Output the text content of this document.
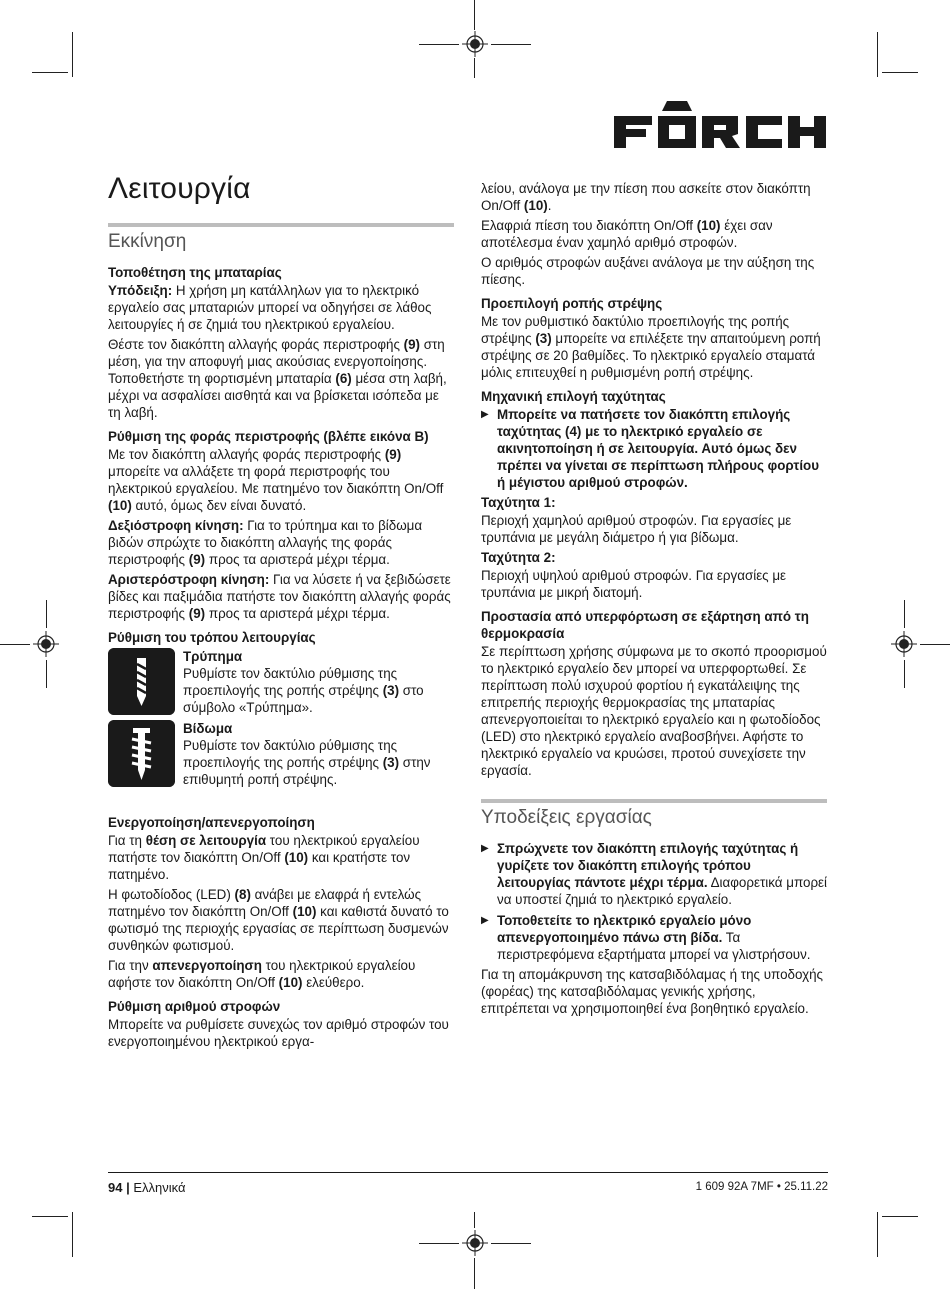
Λειτουργία
Εκκίνηση
Τοποθέτηση της μπαταρίας

Υπόδειξη: Η χρήση μη κατάλληλων για το ηλεκτρικό εργαλείο σας μπαταριών μπορεί να οδηγήσει σε λάθος λειτουργίες ή σε ζημιά του ηλεκτρικού εργαλείου.

Θέστε τον διακόπτη αλλαγής φοράς περιστροφής (9) στη μέση, για την αποφυγή μιας ακούσιας ενεργοποίησης. Τοποθετήστε τη φορτισμένη μπαταρία (6) μέσα στη λαβή, μέχρι να ασφαλίσει αισθητά και να βρίσκεται ισόπεδα με τη λαβή.

Ρύθμιση της φοράς περιστροφής (βλέπε εικόνα B)

Με τον διακόπτη αλλαγής φοράς περιστροφής (9) μπορείτε να αλλάξετε τη φορά περιστροφής του ηλεκτρικού εργαλείου. Με πατημένο τον διακόπτη On/Off (10) αυτό, όμως δεν είναι δυνατό.

Δεξιόστροφη κίνηση: Για το τρύπημα και το βίδωμα βιδών σπρώχτε το διακόπτη αλλαγής της φοράς περιστροφής (9) προς τα αριστερά μέχρι τέρμα.

Αριστερόστροφη κίνηση: Για να λύσετε ή να ξεβιδώσετε βίδες και παξιμάδια πατήστε τον διακόπτη αλλαγής φοράς περιστροφής (9) προς τα αριστερά μέχρι τέρμα.

Ρύθμιση του τρόπου λειτουργίας
Τρύπημα
Ρυθμίστε τον δακτύλιο ρύθμισης της προεπιλογής της ροπής στρέψης (3) στο σύμβολο «Τρύπημα».
Βίδωμα
Ρυθμίστε τον δακτύλιο ρύθμισης της προεπιλογής της ροπής στρέψης (3) στην επιθυμητή ροπή στρέψης.
Ενεργοποίηση/απενεργοποίηση

Για τη θέση σε λειτουργία του ηλεκτρικού εργαλείου πατήστε τον διακόπτη On/Off (10) και κρατήστε τον πατημένο.

Η φωτοδίοδος (LED) (8) ανάβει με ελαφρά ή εντελώς πατημένο τον διακόπτη On/Off (10) και καθιστά δυνατό το φωτισμό της περιοχής εργασίας σε περίπτωση δυσμενών συνθηκών φωτισμού.

Για την απενεργοποίηση του ηλεκτρικού εργαλείου αφήστε τον διακόπτη On/Off (10) ελεύθερο.

Ρύθμιση αριθμού στροφών

Μπορείτε να ρυθμίσετε συνεχώς τον αριθμό στροφών του ενεργοποιημένου ηλεκτρικού εργα-

λείου, ανάλογα με την πίεση που ασκείτε στον διακόπτη On/Off (10).

Ελαφριά πίεση του διακόπτη On/Off (10) έχει σαν αποτέλεσμα έναν χαμηλό αριθμό στροφών.

Ο αριθμός στροφών αυξάνει ανάλογα με την αύξηση της πίεσης.

Προεπιλογή ροπής στρέψης

Με τον ρυθμιστικό δακτύλιο προεπιλογής της ροπής στρέψης (3) μπορείτε να επιλέξετε την απαιτούμενη ροπή στρέψης σε 20 βαθμίδες. Το ηλεκτρικό εργαλείο σταματά μόλις επιτευχθεί η ρυθμισμένη ροπή στρέψης.

Μηχανική επιλογή ταχύτητας
▶ Μπορείτε να πατήσετε τον διακόπτη επιλογής ταχύτητας (4) με το ηλεκτρικό εργαλείο σε ακινητοποίηση ή σε λειτουργία. Αυτό όμως δεν πρέπει να γίνεται σε περίπτωση πλήρους φορτίου ή μέγιστου αριθμού στροφών.
Ταχύτητα 1:

Περιοχή χαμηλού αριθμού στροφών. Για εργασίες με τρυπάνια με μεγάλη διάμετρο ή για βίδωμα.

Ταχύτητα 2:

Περιοχή υψηλού αριθμού στροφών. Για εργασίες με τρυπάνια με μικρή διατομή.

Προστασία από υπερφόρτωση σε εξάρτηση από τη θερμοκρασία

Σε περίπτωση χρήσης σύμφωνα με το σκοπό προορισμού το ηλεκτρικό εργαλείο δεν μπορεί να υπερφορτωθεί. Σε περίπτωση πολύ ισχυρού φορτίου ή εγκατάλειψης της επιτρεπής περιοχής θερμοκρασίας της μπαταρίας απενεργοποιείται το ηλεκτρικό εργαλείο και η φωτοδίοδος (LED) στο ηλεκτρικό εργαλείο αναβοσβήνει. Αφήστε το ηλεκτρικό εργαλείο να κρυώσει, προτού συνεχίσετε την εργασία.

Υποδείξεις εργασίας
▶ Σπρώχνετε τον διακόπτη επιλογής ταχύτητας ή γυρίζετε τον διακόπτη επιλογής τρόπου λειτουργίας πάντοτε μέχρι τέρμα. Διαφορετικά μπορεί να υποστεί ζημιά το ηλεκτρικό εργαλείο.
▶ Τοποθετείτε το ηλεκτρικό εργαλείο μόνο απενεργοποιημένο πάνω στη βίδα. Τα περιστρεφόμενα εξαρτήματα μπορεί να γλιστρήσουν.

Για τη απομάκρυνση της κατσαβιδόλαμας ή της υποδοχής (φορέας) της κατσαβιδόλαμας γενικής χρήσης, επιτρέπεται να χρησιμοποιηθεί ένα βοηθητικό εργαλείο.

94 | Ελληνικά	1 609 92A 7MF • 25.11.22
